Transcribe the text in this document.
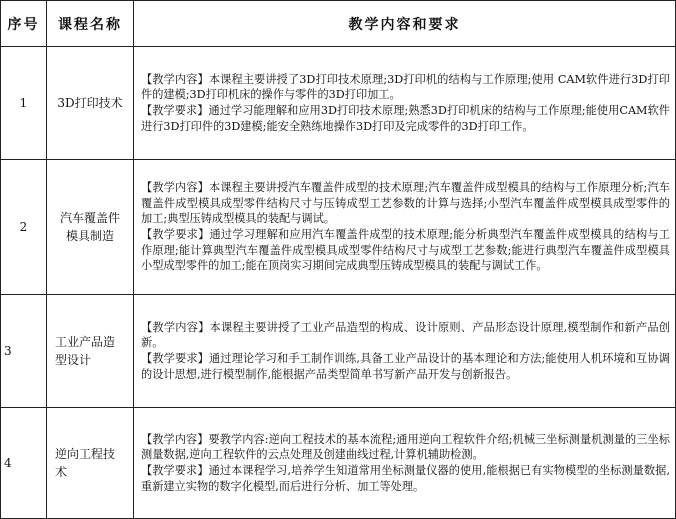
序号	课程名称	教学内容和要求
1	3D打印技术	【教学内容】本课程主要讲授了3D打印技术原理;3D打印机的结构与工作原理;使用 CAM软件进行3D打印件的建模;3D打印机床的操作与零件的3D打印加工。
【教学要求】通过学习能理解和应用3D打印技术原理;熟悉3D打印机床的结构与工作原理;能使用CAM软件进行3D打印件的3D建模;能安全熟练地操作3D打印及完成零件的3D打印工作。
2	汽车覆盖件模具制造	【教学内容】本课程主要讲授汽车覆盖件成型的技术原理;汽车覆盖件成型模具的结构与工作原理分析;汽车覆盖件成型模具成型零件结构尺寸与压铸成型工艺参数的计算与选择;小型汽车覆盖件成型模具成型零件的加工;典型压铸成型模具的装配与调试。
【教学要求】通过学习理解和应用汽车覆盖件成型的技术原理;能分析典型汽车覆盖件成型模具的结构与工作原理;能计算典型汽车覆盖件成型模具成型零件结构尺寸与成型工艺参数;能进行典型汽车覆盖件成型模具小型成型零件的加工;能在顶岗实习期间完成典型压铸成型模具的装配与调试工作。
3	工业产品造型设计	【教学内容】本课程主要讲授了工业产品造型的构成、设计原则、产品形态设计原理,模型制作和新产品创新。
【教学要求】通过理论学习和手工制作训练,具备工业产品设计的基本理论和方法;能使用人机环境和互协调的设计思想,进行模型制作,能根据产品类型简单书写新产品开发与创新报告。
4	逆向工程技术	【教学内容】要教学内容:逆向工程技术的基本流程;通用逆向工程软件介绍;机械三坐标测量机测量的三坐标测量数据,逆向工程软件的云点处理及创建曲线过程,计算机辅助检测。
【教学要求】通过本课程学习,培养学生知道常用坐标测量仪器的使用,能根据已有实物模型的坐标测量数据,重新建立实物的数字化模型,而后进行分析、加工等处理。
